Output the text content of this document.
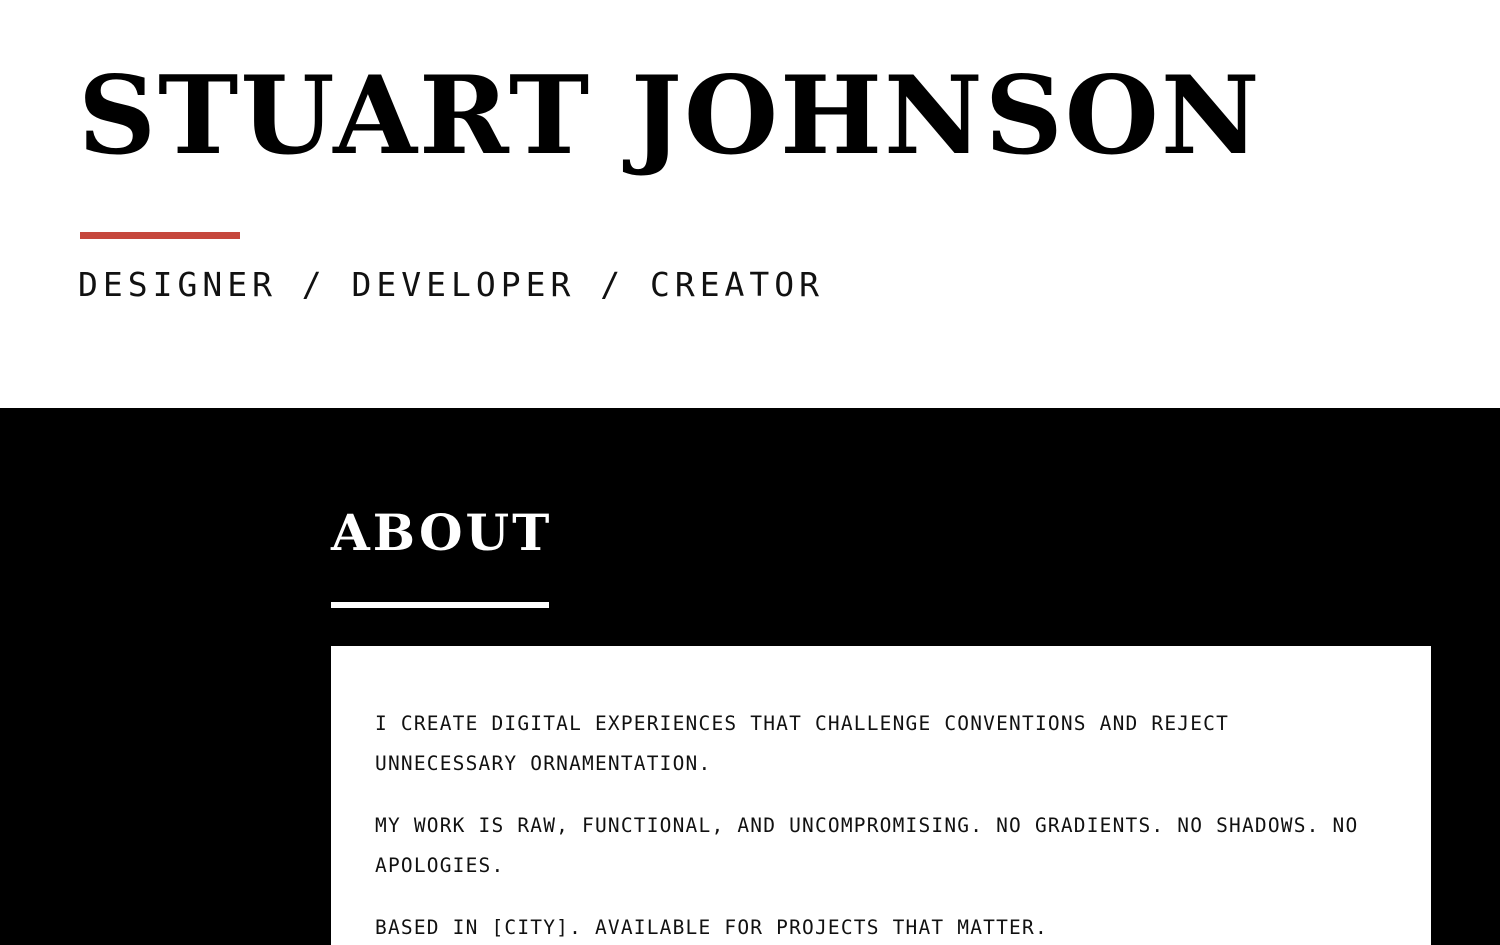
STUART JOHNSON
DESIGNER / DEVELOPER / CREATOR
ABOUT

I CREATE DIGITAL EXPERIENCES THAT CHALLENGE CONVENTIONS AND REJECT UNNECESSARY ORNAMENTATION.

MY WORK IS RAW, FUNCTIONAL, AND UNCOMPROMISING. NO GRADIENTS. NO SHADOWS. NO APOLOGIES.

BASED IN [CITY]. AVAILABLE FOR PROJECTS THAT MATTER.
